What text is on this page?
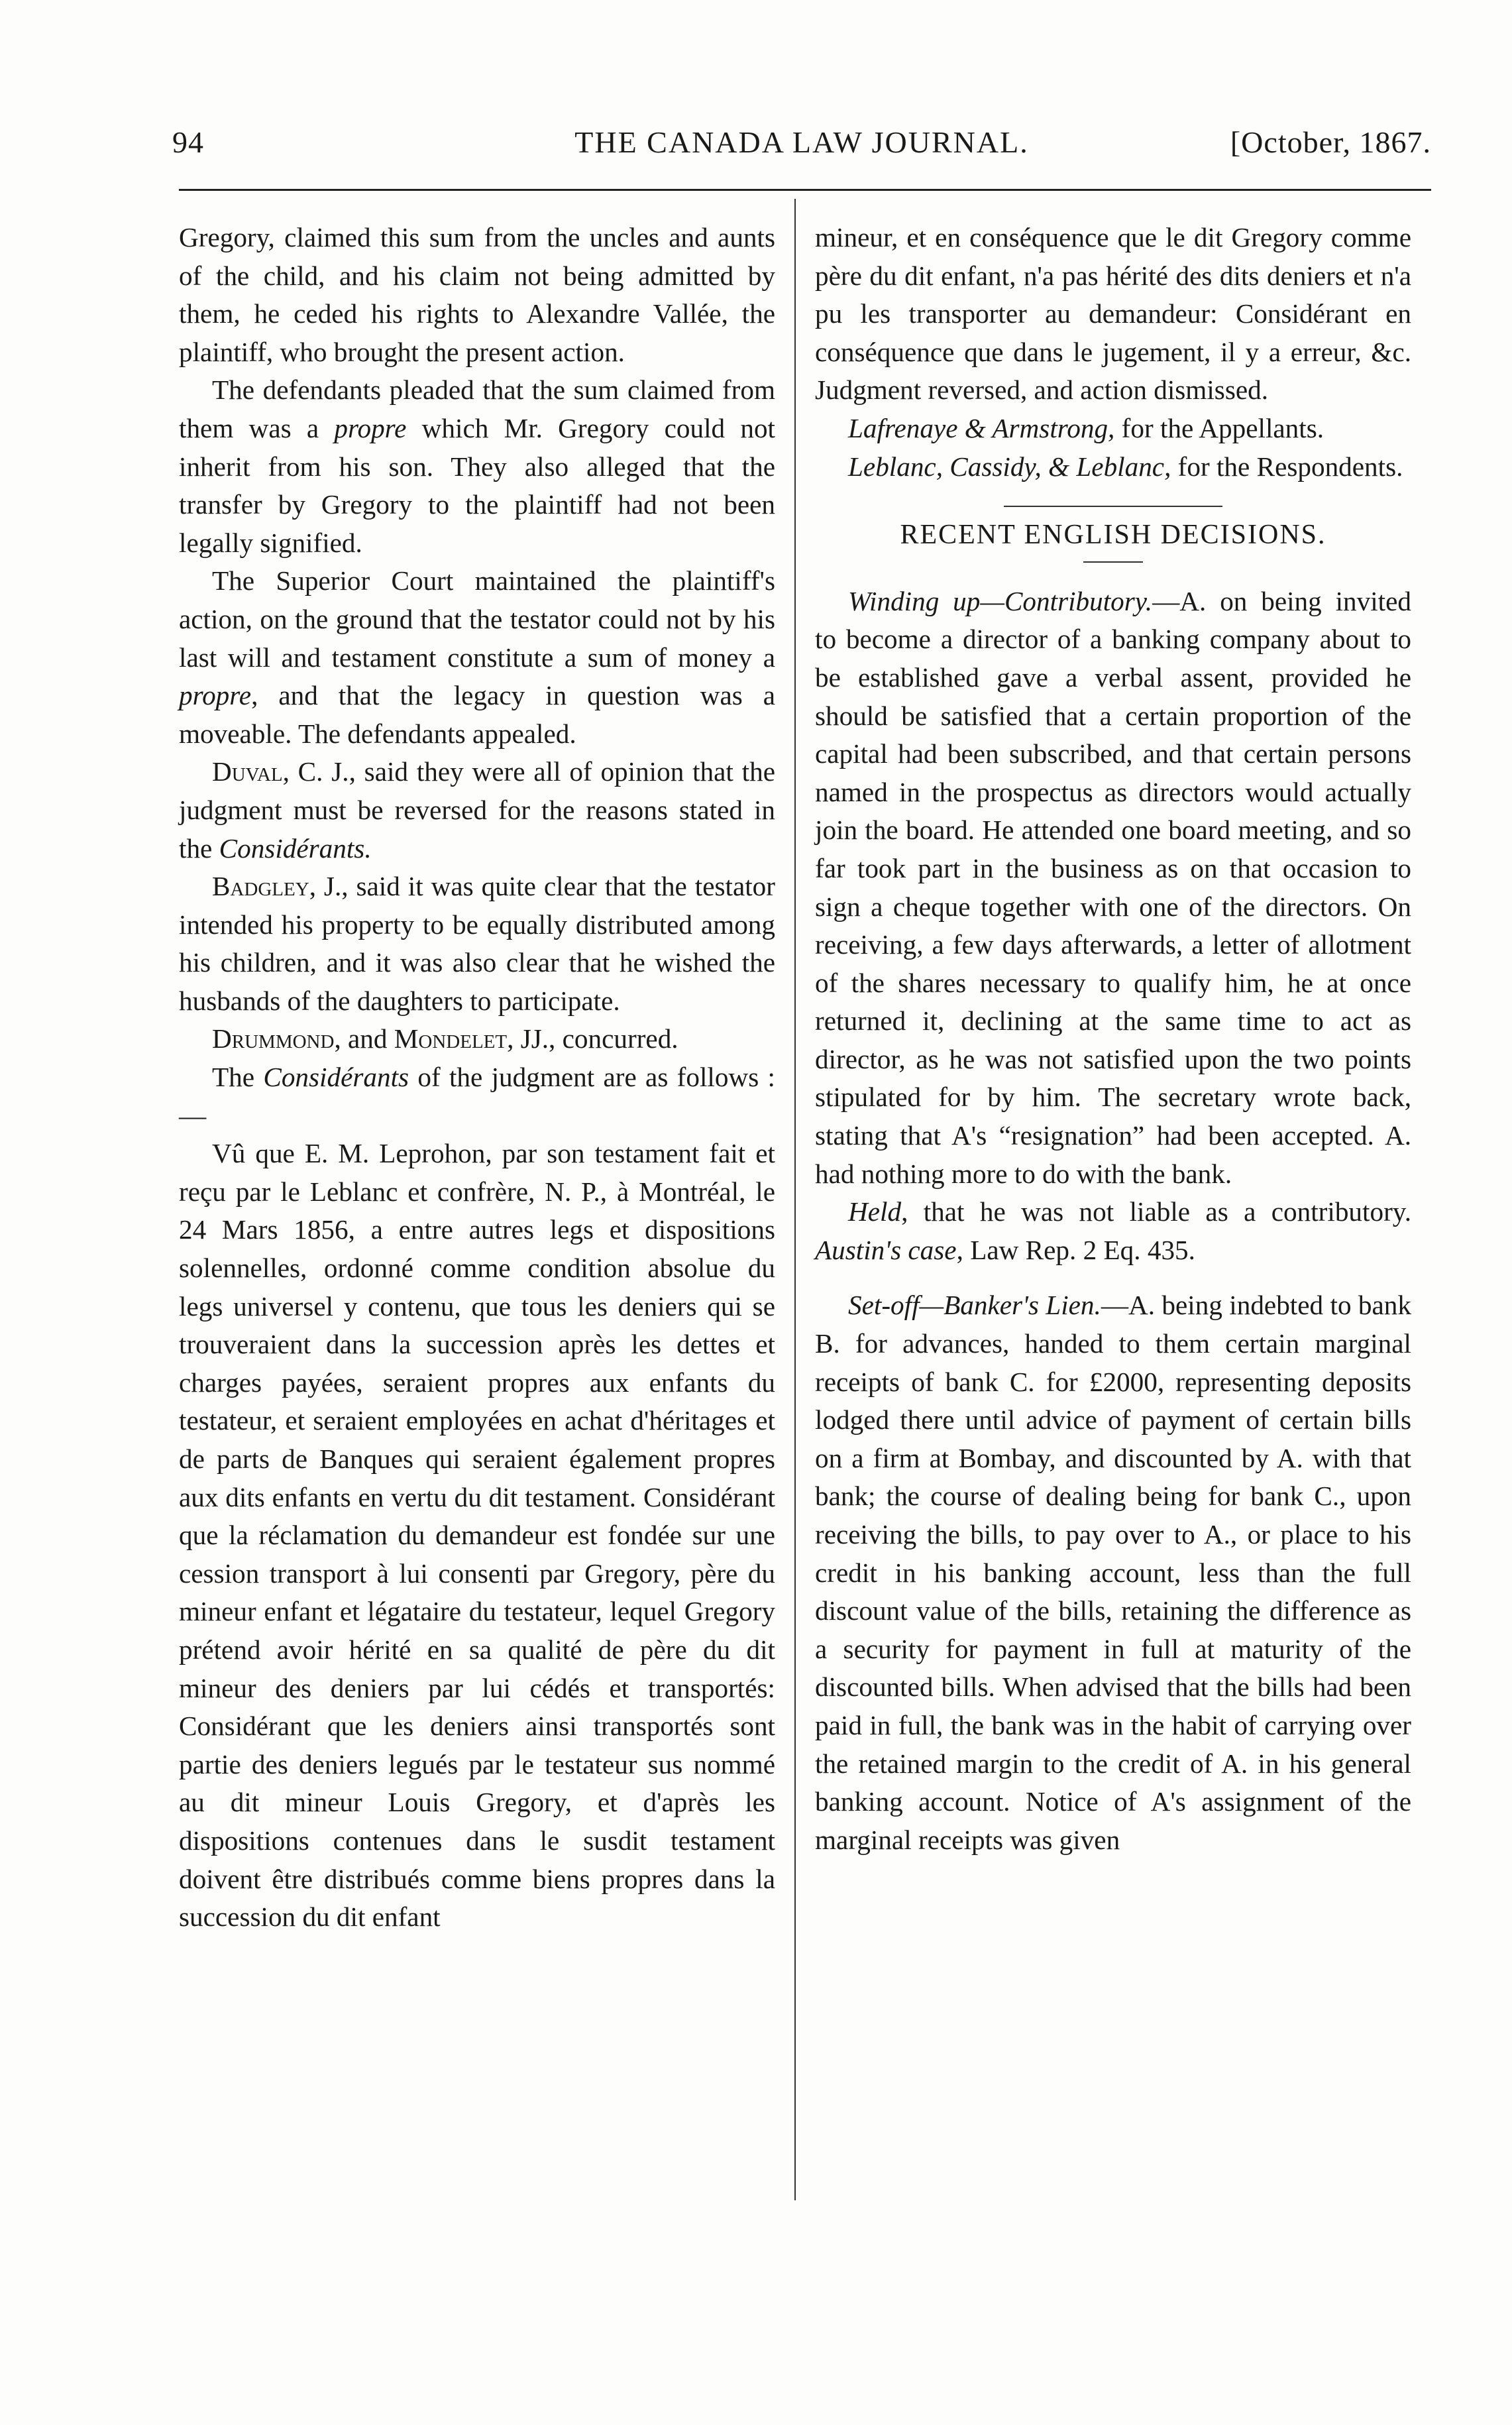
94	THE CANADA LAW JOURNAL.	[October, 1867.

Gregory, claimed this sum from the uncles and aunts of the child, and his claim not being admitted by them, he ceded his rights to Alexandre Vallée, the plaintiff, who brought the present action.

The defendants pleaded that the sum claimed from them was a propre which Mr. Gregory could not inherit from his son. They also alleged that the transfer by Gregory to the plaintiff had not been legally signified.

The Superior Court maintained the plaintiff's action, on the ground that the testator could not by his last will and testament constitute a sum of money a propre, and that the legacy in question was a moveable. The defendants appealed.

Duval, C. J., said they were all of opinion that the judgment must be reversed for the reasons stated in the Considérants.

Badgley, J., said it was quite clear that the testator intended his property to be equally distributed among his children, and it was also clear that he wished the husbands of the daughters to participate.

Drummond, and Mondelet, JJ., concurred.

The Considérants of the judgment are as follows :—

Vû que E. M. Leprohon, par son testament fait et reçu par le Leblanc et confrère, N. P., à Montréal, le 24 Mars 1856, a entre autres legs et dispositions solennelles, ordonné comme condition absolue du legs universel y contenu, que tous les deniers qui se trouveraient dans la succession après les dettes et charges payées, seraient propres aux enfants du testateur, et seraient employées en achat d'héritages et de parts de Banques qui seraient également propres aux dits enfants en vertu du dit testament. Considérant que la réclamation du demandeur est fondée sur une cession transport à lui consenti par Gregory, père du mineur enfant et légataire du testateur, lequel Gregory prétend avoir hérité en sa qualité de père du dit mineur des deniers par lui cédés et transportés: Considérant que les deniers ainsi transportés sont partie des deniers legués par le testateur sus nommé au dit mineur Louis Gregory, et d'après les dispositions contenues dans le susdit testament doivent être distribués comme biens propres dans la succession du dit enfant

mineur, et en conséquence que le dit Gregory comme père du dit enfant, n'a pas hérité des dits deniers et n'a pu les transporter au demandeur: Considérant en conséquence que dans le jugement, il y a erreur, &c. Judgment reversed, and action dismissed.

Lafrenaye & Armstrong, for the Appellants.

Leblanc, Cassidy, & Leblanc, for the Respondents.

RECENT ENGLISH DECISIONS.

Winding up—Contributory.—A. on being invited to become a director of a banking company about to be established gave a verbal assent, provided he should be satisfied that a certain proportion of the capital had been subscribed, and that certain persons named in the prospectus as directors would actually join the board. He attended one board meeting, and so far took part in the business as on that occasion to sign a cheque together with one of the directors. On receiving, a few days afterwards, a letter of allotment of the shares necessary to qualify him, he at once returned it, declining at the same time to act as director, as he was not satisfied upon the two points stipulated for by him. The secretary wrote back, stating that A's “resignation” had been accepted. A. had nothing more to do with the bank.

Held, that he was not liable as a contributory. Austin's case, Law Rep. 2 Eq. 435.

Set-off—Banker's Lien.—A. being indebted to bank B. for advances, handed to them certain marginal receipts of bank C. for £2000, representing deposits lodged there until advice of payment of certain bills on a firm at Bombay, and discounted by A. with that bank; the course of dealing being for bank C., upon receiving the bills, to pay over to A., or place to his credit in his banking account, less than the full discount value of the bills, retaining the difference as a security for payment in full at maturity of the discounted bills. When advised that the bills had been paid in full, the bank was in the habit of carrying over the retained margin to the credit of A. in his general banking account. Notice of A's assignment of the marginal receipts was given
